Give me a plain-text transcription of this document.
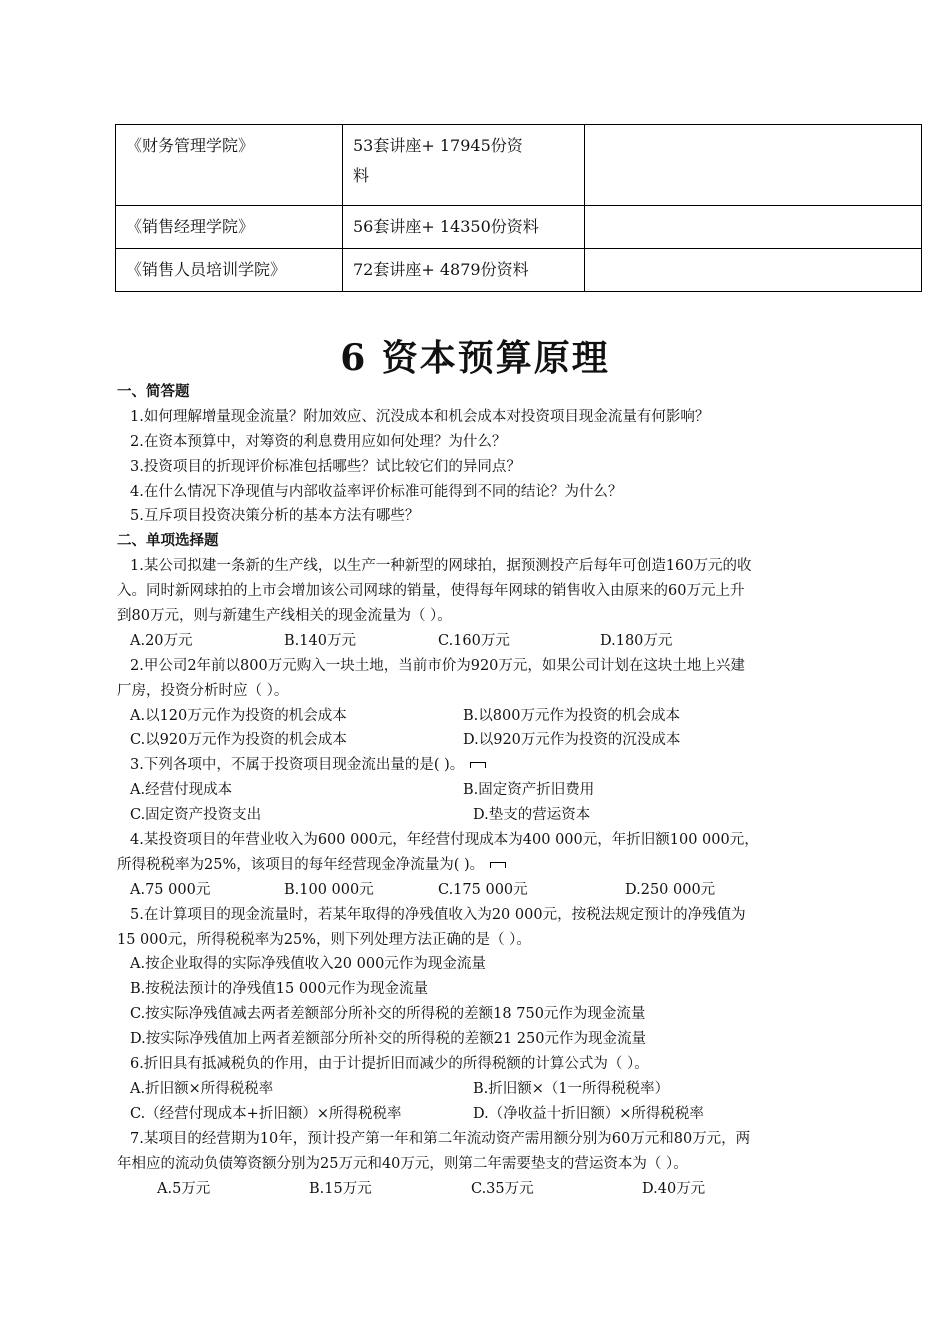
《财务管理学院》	53套讲座+ 17945份资
料	

《销售经理学院》	56套讲座+ 14350份资料	
《销售人员培训学院》	72套讲座+ 4879份资料	
6 资本预算原理
一、简答题
1.如何理解增量现金流量？附加效应、沉没成本和机会成本对投资项目现金流量有何影响？
2.在资本预算中，对筹资的利息费用应如何处理？为什么？
3.投资项目的折现评价标准包括哪些？试比较它们的异同点？
4.在什么情况下净现值与内部收益率评价标准可能得到不同的结论？为什么？
5.互斥项目投资决策分析的基本方法有哪些？
二、单项选择题
1.某公司拟建一条新的生产线，以生产一种新型的网球拍，据预测投产后每年可创造160万元的收
入。同时新网球拍的上市会增加该公司网球的销量，使得每年网球的销售收入由原来的60万元上升
到80万元，则与新建生产线相关的现金流量为（ ）。
A.20万元	B.140万元	C.160万元	D.180万元
2.甲公司2年前以800万元购入一块土地，当前市价为920万元，如果公司计划在这块土地上兴建
厂房，投资分析时应（ ）。
A.以120万元作为投资的机会成本	B.以800万元作为投资的机会成本
C.以920万元作为投资的机会成本	D.以920万元作为投资的沉没成本
3.下列各项中，不属于投资项目现金流出量的是( )。
A.经营付现成本	B.固定资产折旧费用
C.固定资产投资支出	D.垫支的营运资本
4.某投资项目的年营业收入为600 000元，年经营付现成本为400 000元，年折旧额100 000元，
所得税税率为25%，该项目的每年经营现金净流量为( )。
A.75 000元	B.100 000元	C.175 000元	D.250 000元
5.在计算项目的现金流量时，若某年取得的净残值收入为20 000元，按税法规定预计的净残值为
15 000元，所得税税率为25%，则下列处理方法正确的是（ ）。
A.按企业取得的实际净残值收入20 000元作为现金流量
B.按税法预计的净残值15 000元作为现金流量
C.按实际净残值减去两者差额部分所补交的所得税的差额18 750元作为现金流量
D.按实际净残值加上两者差额部分所补交的所得税的差额21 250元作为现金流量
6.折旧具有抵减税负的作用，由于计提折旧而减少的所得税额的计算公式为（ ）。
A.折旧额×所得税税率	B.折旧额×（1一所得税税率）
C.（经营付现成本+折旧额）×所得税税率	D.（净收益十折旧额）×所得税税率
7.某项目的经营期为10年，预计投产第一年和第二年流动资产需用额分别为60万元和80万元，两
年相应的流动负债筹资额分别为25万元和40万元，则第二年需要垫支的营运资本为（ ）。
A.5万元	B.15万元	C.35万元	D.40万元
